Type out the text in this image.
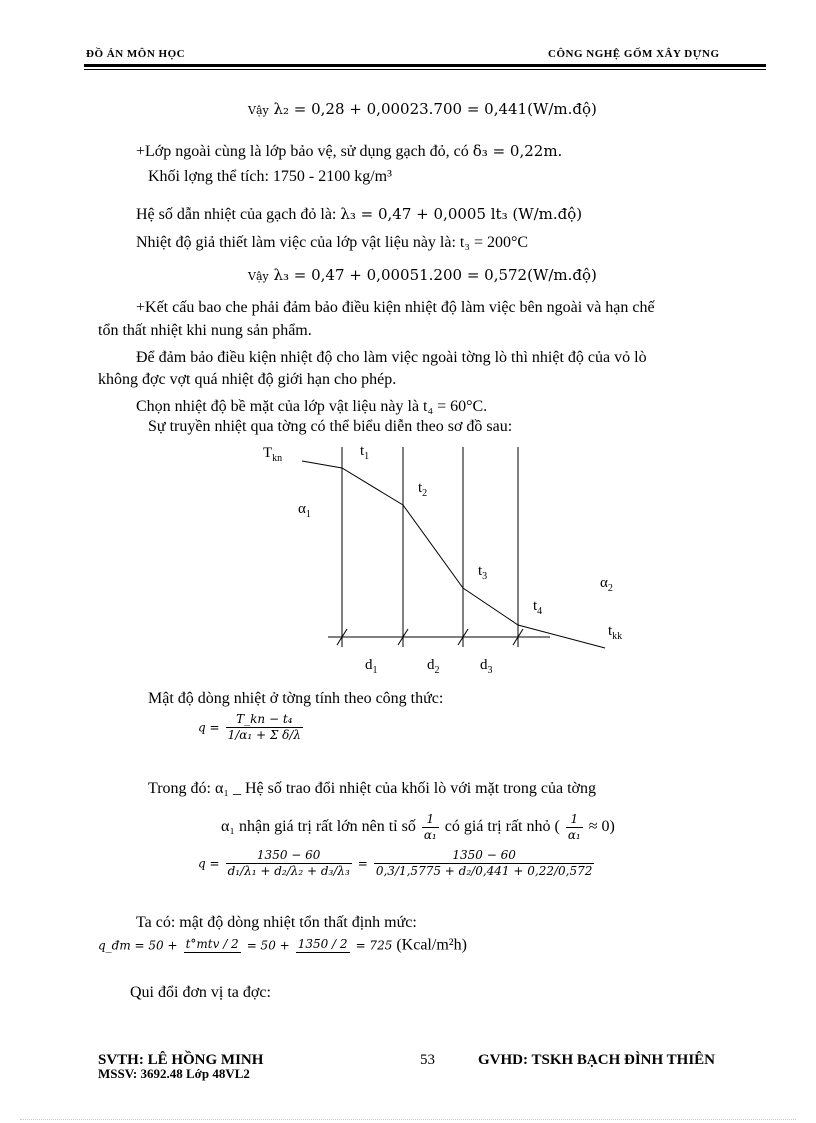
ĐỒ ÁN MÔN HỌC	CÔNG NGHỆ GỐM XÂY DỰNG
Vậy λ₂ = 0,28 + 0,00023.700 = 0,441(W/m.độ)
+Lớp ngoài cùng là lớp bảo vệ, sử dụng gạch đỏ, có δ₃ = 0,22m.
Khối lợng thể tích: 1750 - 2100 kg/m³
Hệ số dẫn nhiệt của gạch đỏ là: λ₃ = 0,47 + 0,0005 lt₃ (W/m.độ)
Nhiệt độ giả thiết làm việc của lớp vật liệu này là: t₃ = 200°C
Vậy λ₃ = 0,47 + 0,00051.200 = 0,572(W/m.độ)
+Kết cấu bao che phải đảm bảo điều kiện nhiệt độ làm việc bên ngoài và hạn chế
tổn thất nhiệt khi nung sản phẩm.
Để đảm bảo điều kiện nhiệt độ cho làm việc ngoài tờng lò thì nhiệt độ của vỏ lò
không đợc vợt quá nhiệt độ giới hạn cho phép.
Chọn nhiệt độ bề mặt của lớp vật liệu này là t₄ = 60°C.
Sự truyền nhiệt qua tờng có thể biểu diễn theo sơ đồ sau:
$T_{kn}$	$t_1$
$t_2$
$t_3$
$t_4$
$t_{kk}$
$\alpha_1$
$\alpha_2$
$d_1$	$d_2$	$d_3$
Mật độ dòng nhiệt ở tờng tính theo công thức:
$q = \frac{\text{T\_kn − t₄}}{\text{1/α₁ + Σ δ/λ}}$
Trong đó: α₁ _ Hệ số trao đổi nhiệt của khối lò với mặt trong của tờng
α₁ nhận giá trị rất lớn nên tỉ số $\frac{1}{\text{α₁}}$ có giá trị rất nhỏ ( $\frac{1}{\text{α₁}} \approx 0$)
$q = \frac{1350 - 60}{\text{d₁/λ₁ + d₂/λ₂ + d₃/λ₃}} = \frac{1350 - 60}{\text{0,3/1,5775 + d₂/0,441 + 0,22/0,572}}$
Ta có: mật độ dòng nhiệt tổn thất định mức:
q_đm = 50 + t°mtv / 2 = 50 + 1350 / 2 = 725 (Kcal/m²h)
Qui đổi đơn vị ta đợc:
SVTH: LÊ HỒNG MINH
MSSV: 3692.48 Lớp 48VL2
53	GVHD: TSKH BẠCH ĐÌNH THIÊN
